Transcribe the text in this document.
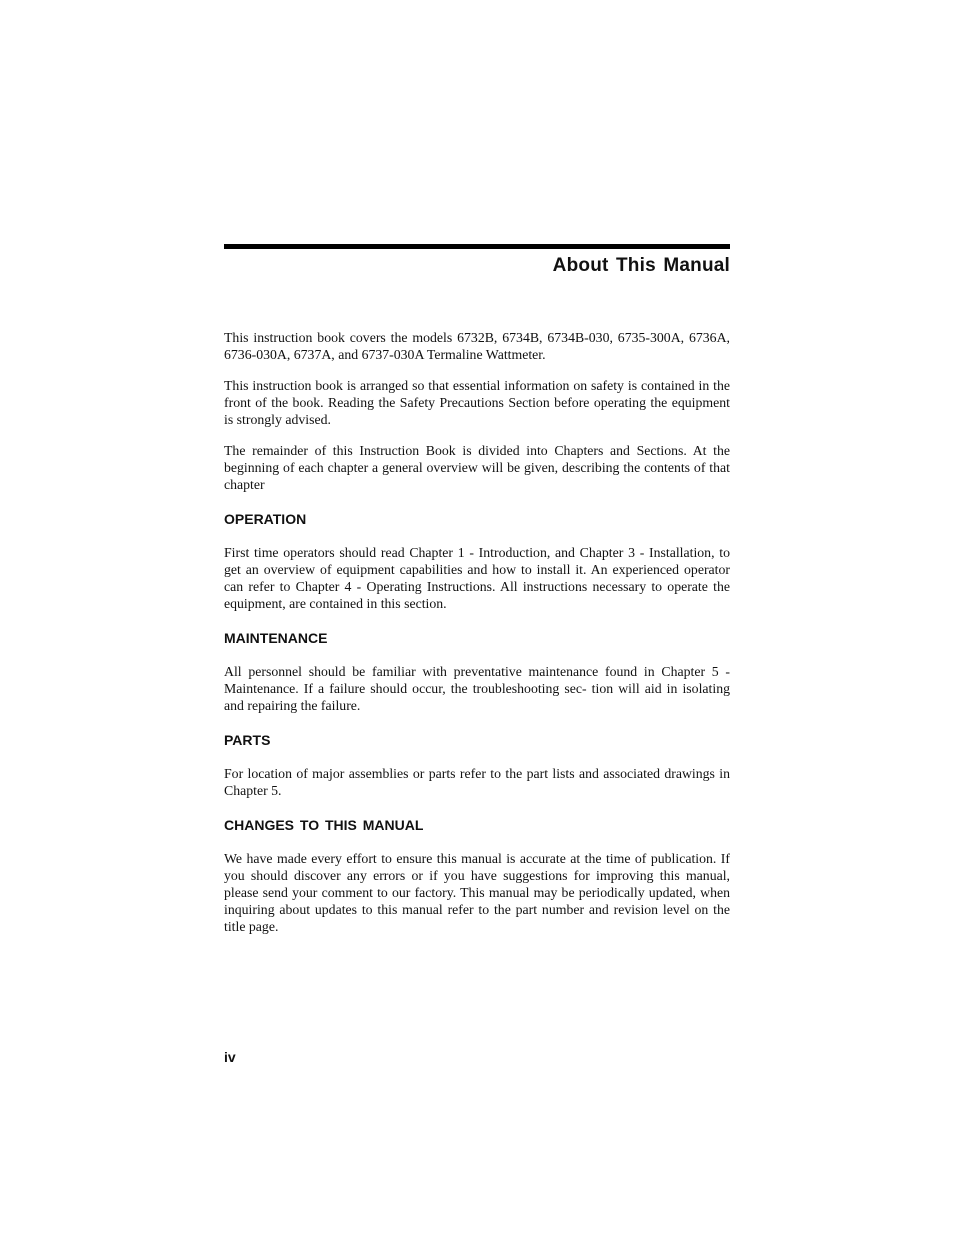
About This Manual

This instruction book covers the models 6732B, 6734B, 6734B-030, 6735-300A, 6736A, 6736-030A, 6737A, and 6737-030A Termaline Wattmeter.

This instruction book is arranged so that essential information on safety is contained in the front of the book. Reading the Safety Precautions Section before operating the equipment is strongly advised.

The remainder of this Instruction Book is divided into Chapters and Sections. At the beginning of each chapter a general overview will be given, describing the contents of that chapter

OPERATION

First time operators should read Chapter 1 - Introduction, and Chapter 3 - Installation, to get an overview of equipment capabilities and how to install it. An experienced operator can refer to Chapter 4 - Operating Instructions. All instructions necessary to operate the equipment, are contained in this section.

MAINTENANCE

All personnel should be familiar with preventative maintenance found in Chapter 5 - Maintenance. If a failure should occur, the troubleshooting sec- tion will aid in isolating and repairing the failure.

PARTS

For location of major assemblies or parts refer to the part lists and associated drawings in Chapter 5.

CHANGES TO THIS MANUAL

We have made every effort to ensure this manual is accurate at the time of publication. If you should discover any errors or if you have suggestions for improving this manual, please send your comment to our factory. This manual may be periodically updated, when inquiring about updates to this manual refer to the part number and revision level on the title page.

iv
